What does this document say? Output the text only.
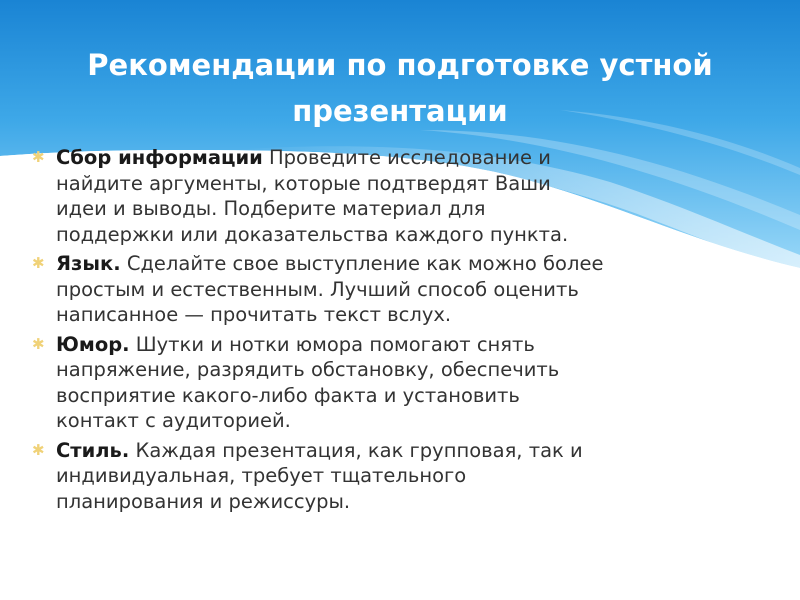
Рекомендации по подготовке устной
презентации
✱ Сбор информации Проведите исследование и
найдите аргументы, которые подтвердят Ваши
идеи и выводы. Подберите материал для
поддержки или доказательства каждого пункта.
✱ Язык. Сделайте свое выступление как можно более
простым и естественным. Лучший способ оценить
написанное — прочитать текст вслух.
✱ Юмор. Шутки и нотки юмора помогают снять
напряжение, разрядить обстановку, обеспечить
восприятие какого-либо факта и установить
контакт с аудиторией.
✱ Стиль. Каждая презентация, как групповая, так и
индивидуальная, требует тщательного
планирования и режиссуры.
